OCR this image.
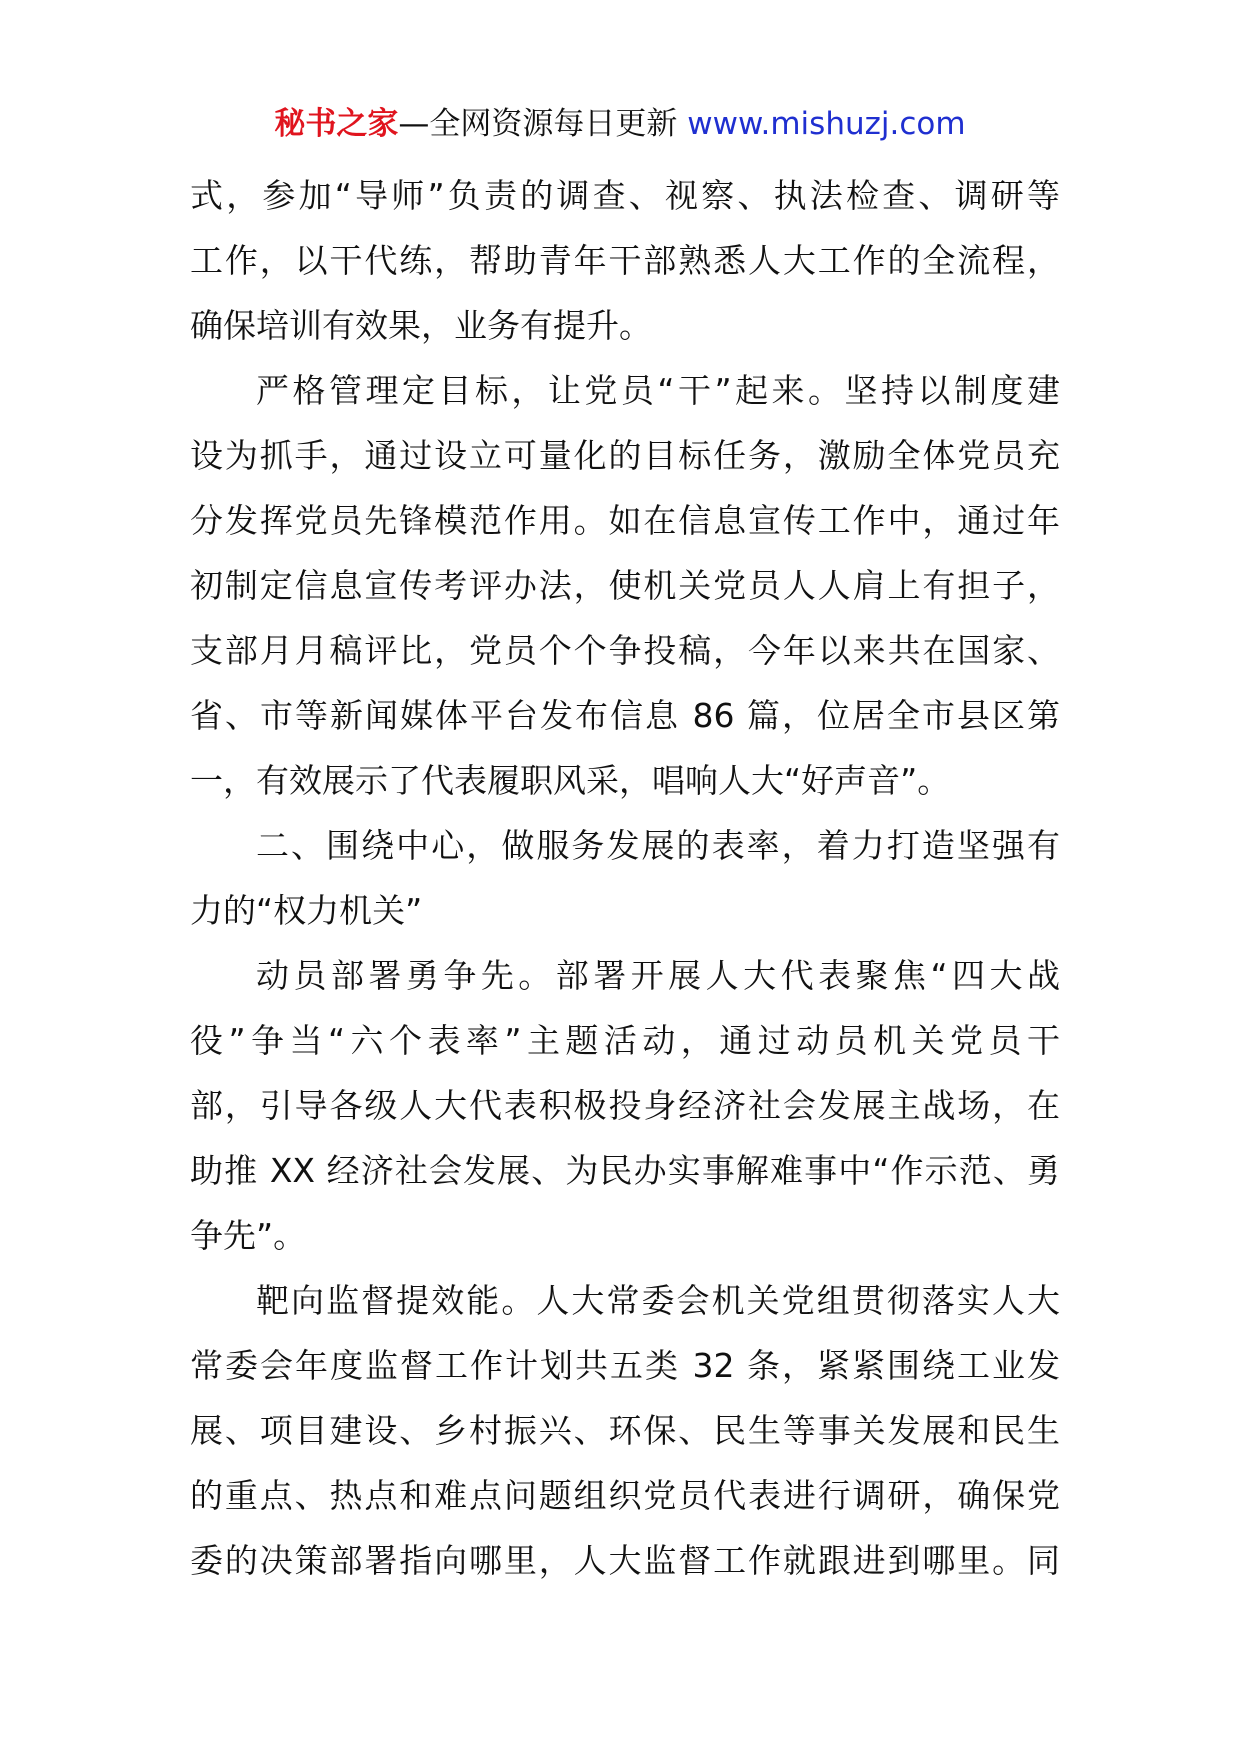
秘书之家—全网资源每日更新 www.mishuzj.com
式，参加“导师”负责的调查、视察、执法检查、调研等
工作，以干代练，帮助青年干部熟悉人大工作的全流程，
确保培训有效果，业务有提升。
严格管理定目标，让党员“干”起来。坚持以制度建
设为抓手，通过设立可量化的目标任务，激励全体党员充
分发挥党员先锋模范作用。如在信息宣传工作中，通过年
初制定信息宣传考评办法，使机关党员人人肩上有担子，
支部月月稿评比，党员个个争投稿，今年以来共在国家、
省、市等新闻媒体平台发布信息 86 篇，位居全市县区第
一，有效展示了代表履职风采，唱响人大“好声音”。
二、围绕中心，做服务发展的表率，着力打造坚强有
力的“权力机关”
动员部署勇争先。部署开展人大代表聚焦“四大战
役”争当“六个表率”主题活动，通过动员机关党员干
部，引导各级人大代表积极投身经济社会发展主战场，在
助推 XX 经济社会发展、为民办实事解难事中“作示范、勇
争先”。
靶向监督提效能。人大常委会机关党组贯彻落实人大
常委会年度监督工作计划共五类 32 条，紧紧围绕工业发
展、项目建设、乡村振兴、环保、民生等事关发展和民生
的重点、热点和难点问题组织党员代表进行调研，确保党
委的决策部署指向哪里，人大监督工作就跟进到哪里。同
